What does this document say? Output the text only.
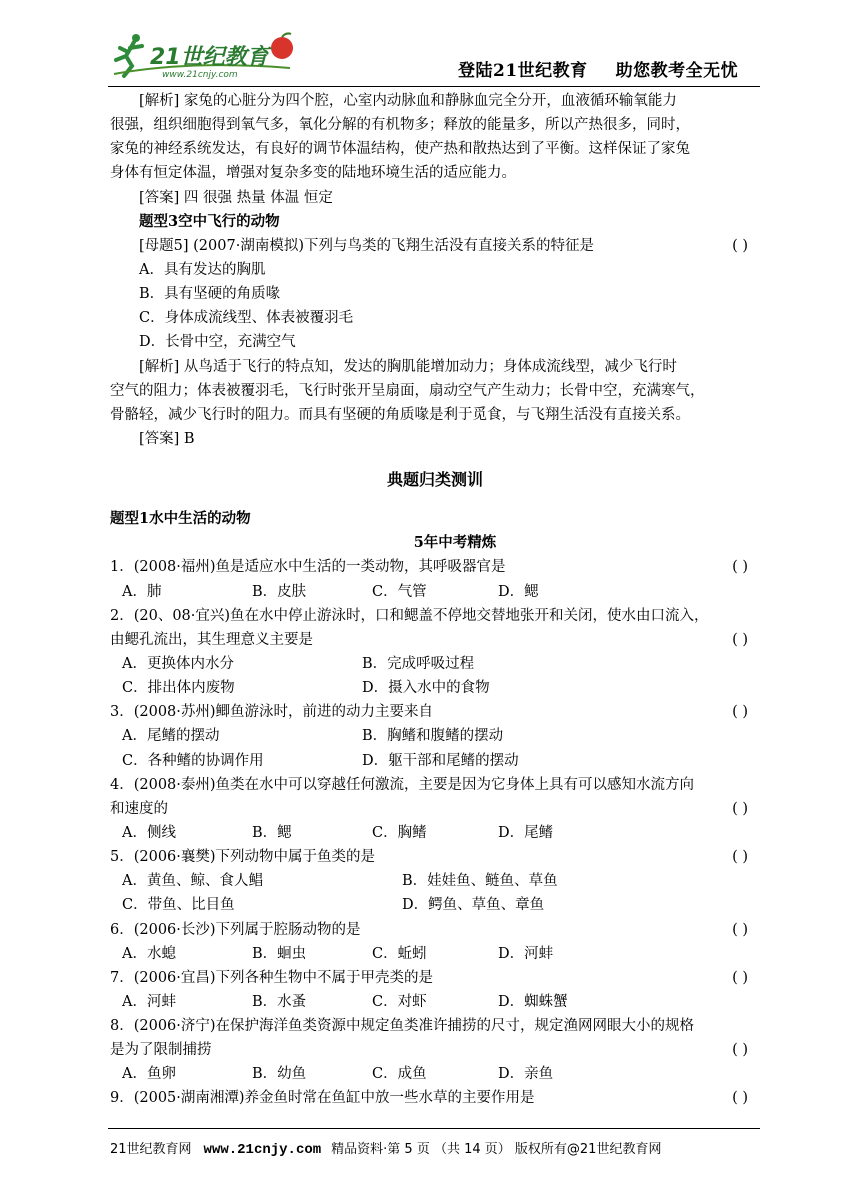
21世纪教育
www.21cnjy.com	登陆21世纪教育 助您教考全无忧
[解析] 家兔的心脏分为四个腔，心室内动脉血和静脉血完全分开，血液循环输氧能力
很强，组织细胞得到氧气多，氧化分解的有机物多；释放的能量多，所以产热很多，同时，
家兔的神经系统发达，有良好的调节体温结构，使产热和散热达到了平衡。这样保证了家兔
身体有恒定体温，增强对复杂多变的陆地环境生活的适应能力。
[答案] 四 很强 热量 体温 恒定
题型3空中飞行的动物
[母题5] (2007·湖南模拟)下列与鸟类的飞翔生活没有直接关系的特征是	( )
A．具有发达的胸肌
B．具有坚硬的角质喙
C．身体成流线型、体表被覆羽毛
D．长骨中空，充满空气
[解析] 从鸟适于飞行的特点知，发达的胸肌能增加动力；身体成流线型，减少飞行时
空气的阻力；体表被覆羽毛，飞行时张开呈扇面，扇动空气产生动力；长骨中空，充满寒气，
骨骼轻，减少飞行时的阻力。而具有坚硬的角质喙是利于觅食，与飞翔生活没有直接关系。
[答案] B
典题归类测训
题型1水中生活的动物
5年中考精炼
1．(2008·福州)鱼是适应水中生活的一类动物，其呼吸器官是	( )
A．肺	B．皮肤	C．气管	D．鳃
2．(20、08·宜兴)鱼在水中停止游泳时，口和鳃盖不停地交替地张开和关闭，使水由口流入，
由鳃孔流出，其生理意义主要是	( )
A．更换体内水分	B．完成呼吸过程
C．排出体内废物	D．摄入水中的食物
3．(2008·苏州)鲫鱼游泳时，前进的动力主要来自	( )
A．尾鳍的摆动	B．胸鳍和腹鳍的摆动
C．各种鳍的协调作用	D．躯干部和尾鳍的摆动
4．(2008·泰州)鱼类在水中可以穿越任何激流，主要是因为它身体上具有可以感知水流方向
和速度的	( )
A．侧线	B．鳃	C．胸鳍	D．尾鳍
5．(2006·襄樊)下列动物中属于鱼类的是	( )
A．黄鱼、鲸、食人鲳	B．娃娃鱼、鲢鱼、草鱼
C．带鱼、比目鱼	D．鳄鱼、草鱼、章鱼
6．(2006·长沙)下列属于腔肠动物的是	( )
A．水螅	B．蛔虫	C．蚯蚓	D．河蚌
7．(2006·宜昌)下列各种生物中不属于甲壳类的是	( )
A．河蚌	B．水蚤	C．对虾	D．蜘蛛蟹
8．(2006·济宁)在保护海洋鱼类资源中规定鱼类准许捕捞的尺寸，规定渔网网眼大小的规格
是为了限制捕捞	( )
A．鱼卵	B．幼鱼	C．成鱼	D．亲鱼
9．(2005·湖南湘潭)养金鱼时常在鱼缸中放一些水草的主要作用是	( )
21世纪教育网 www.21cnjy.com 精品资料·第 5 页 （共 14 页） 版权所有@21世纪教育网
